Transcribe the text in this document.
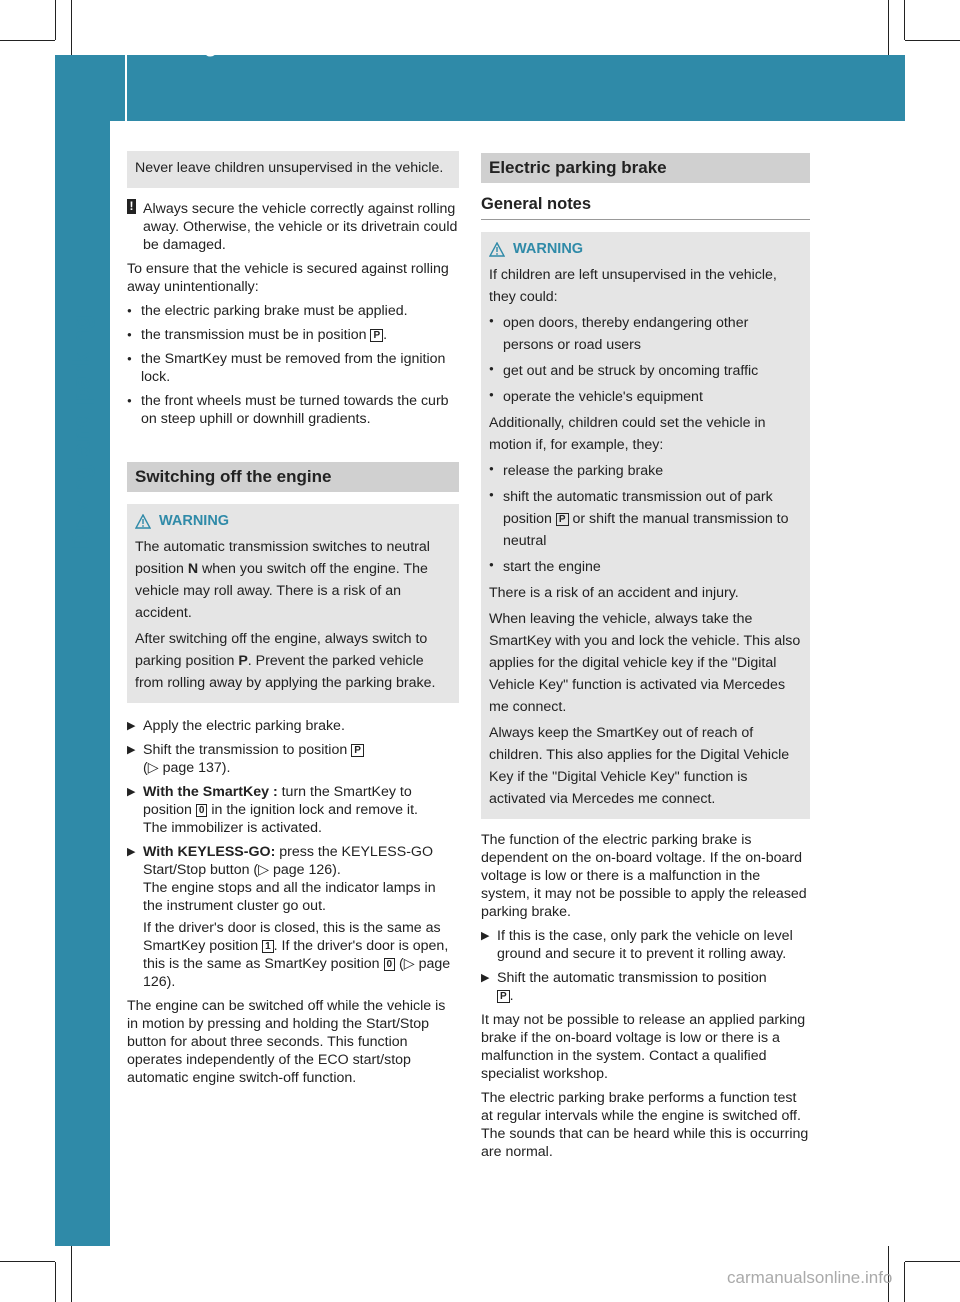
148 Parking
Driving and parking

Never leave children unsupervised in the vehicle.

! Always secure the vehicle correctly against rolling away. Otherwise, the vehicle or its drivetrain could be damaged.

To ensure that the vehicle is secured against rolling away unintentionally:

● the electric parking brake must be applied.
● the transmission must be in position P .
● the SmartKey must be removed from the ignition lock.
● the front wheels must be turned towards the curb on steep uphill or downhill gradients.
Switching off the engine
WARNING

The automatic transmission switches to neutral position N when you switch off the engine. The vehicle may roll away. There is a risk of an accident.

After switching off the engine, always switch to parking position P. Prevent the parked vehicle from rolling away by applying the parking brake.

▶ Apply the electric parking brake.
▶ Shift the transmission to position P
(▷ page 137).
▶ With the SmartKey : turn the SmartKey to position 0 in the ignition lock and remove it.
The immobilizer is activated.
▶ With KEYLESS-GO: press the KEYLESS-GO Start/Stop button (▷ page 126).
The engine stops and all the indicator lamps in the instrument cluster go out.

If the driver's door is closed, this is the same as SmartKey position 1 . If the driver's door is open, this is the same as SmartKey position 0 (▷ page 126).

The engine can be switched off while the vehicle is in motion by pressing and holding the Start/Stop button for about three seconds. This function operates independently of the ECO start/stop automatic engine switch-off function.

Electric parking brake
General notes
WARNING

If children are left unsupervised in the vehicle, they could:

● open doors, thereby endangering other persons or road users
● get out and be struck by oncoming traffic
● operate the vehicle's equipment

Additionally, children could set the vehicle in motion if, for example, they:

● release the parking brake
● shift the automatic transmission out of park position P or shift the manual transmission to neutral
● start the engine

There is a risk of an accident and injury.

When leaving the vehicle, always take the SmartKey with you and lock the vehicle. This also applies for the digital vehicle key if the "Digital Vehicle Key" function is activated via Mercedes me connect.

Always keep the SmartKey out of reach of children. This also applies for the Digital Vehicle Key if the "Digital Vehicle Key" function is activated via Mercedes me connect.

The function of the electric parking brake is dependent on the on-board voltage. If the on-board voltage is low or there is a malfunction in the system, it may not be possible to apply the released parking brake.

▶ If this is the case, only park the vehicle on level ground and secure it to prevent it rolling away.
▶ Shift the automatic transmission to position
P .

It may not be possible to release an applied parking brake if the on-board voltage is low or there is a malfunction in the system. Contact a qualified specialist workshop.

The electric parking brake performs a function test at regular intervals while the engine is switched off. The sounds that can be heard while this is occurring are normal.

carmanualsonline.info
